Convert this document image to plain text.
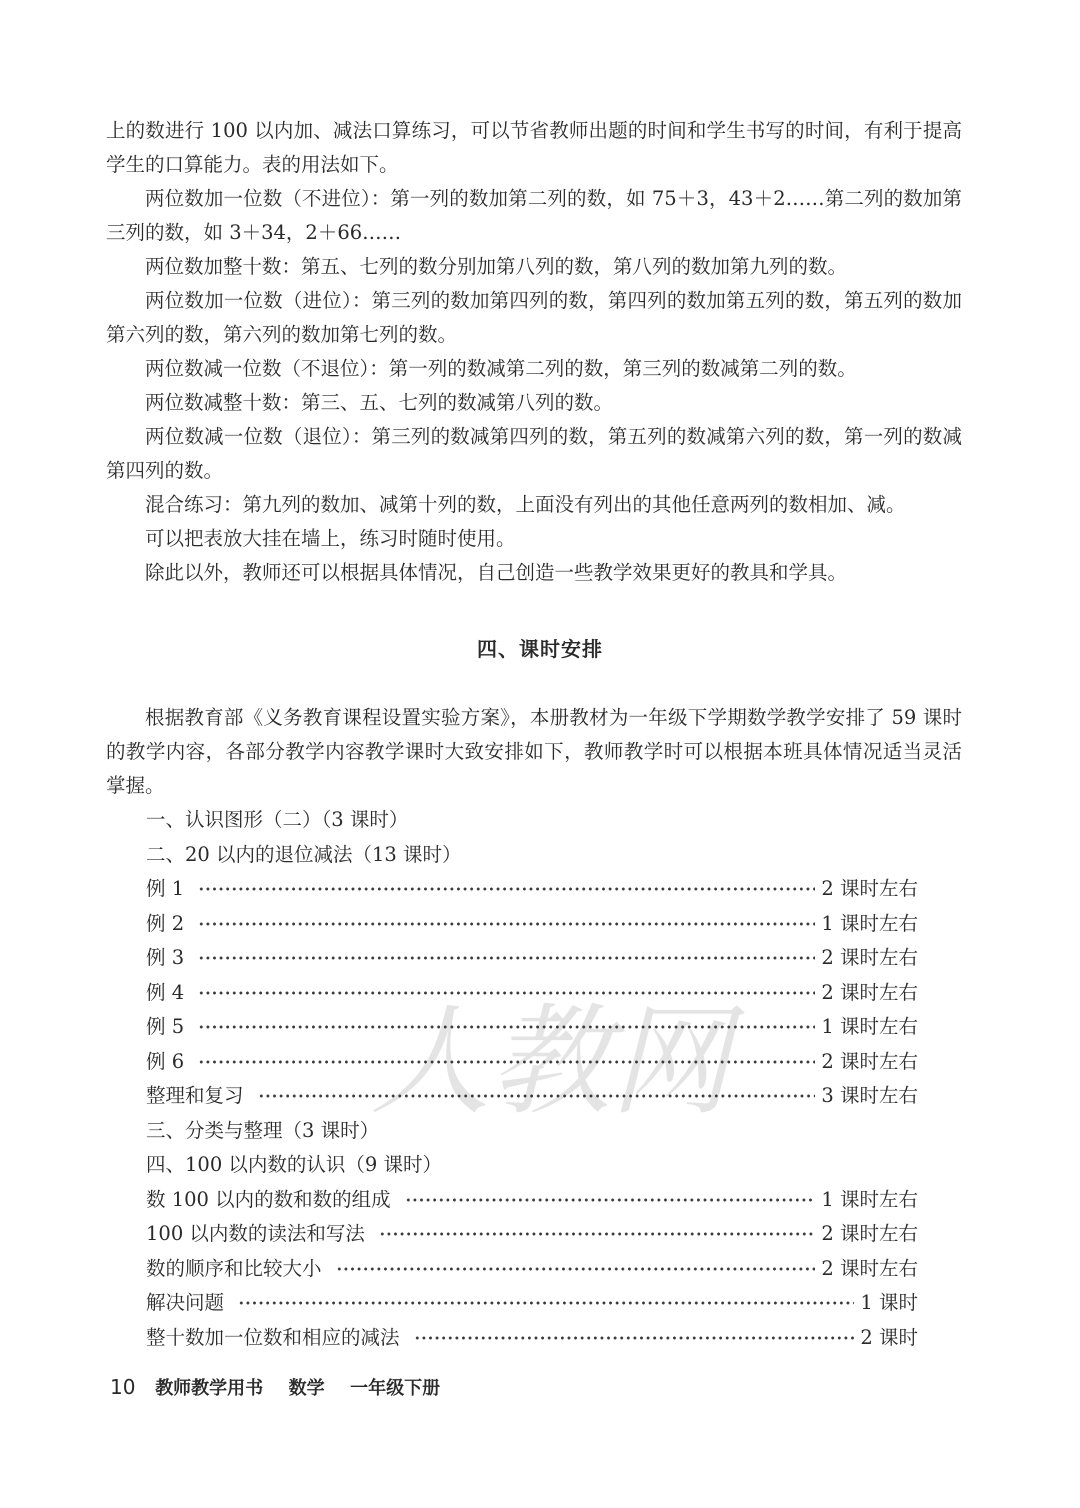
人教网

上的数进行 100 以内加、减法口算练习，可以节省教师出题的时间和学生书写的时间，有利于提高学生的口算能力。表的用法如下。

两位数加一位数（不进位）：第一列的数加第二列的数，如 75＋3，43＋2……第二列的数加第三列的数，如 3＋34，2＋66……

两位数加整十数：第五、七列的数分别加第八列的数，第八列的数加第九列的数。

两位数加一位数（进位）：第三列的数加第四列的数，第四列的数加第五列的数，第五列的数加第六列的数，第六列的数加第七列的数。

两位数减一位数（不退位）：第一列的数减第二列的数，第三列的数减第二列的数。

两位数减整十数：第三、五、七列的数减第八列的数。

两位数减一位数（退位）：第三列的数减第四列的数，第五列的数减第六列的数，第一列的数减第四列的数。

混合练习：第九列的数加、减第十列的数，上面没有列出的其他任意两列的数相加、减。

可以把表放大挂在墙上，练习时随时使用。

除此以外，教师还可以根据具体情况，自己创造一些教学效果更好的教具和学具。

四、课时安排

根据教育部《义务教育课程设置实验方案》，本册教材为一年级下学期数学教学安排了 59 课时的教学内容，各部分教学内容教学课时大致安排如下，教师教学时可以根据本班具体情况适当灵活掌握。

一、认识图形（二）（3 课时）
二、20 以内的退位减法（13 课时）
例 1	2 课时左右
例 2	1 课时左右
例 3	2 课时左右
例 4	2 课时左右
例 5	1 课时左右
例 6	2 课时左右
整理和复习	3 课时左右
三、分类与整理（3 课时）
四、100 以内数的认识（9 课时）
数 100 以内的数和数的组成	1 课时左右
100 以内数的读法和写法	2 课时左右
数的顺序和比较大小	2 课时左右
解决问题	1 课时
整十数加一位数和相应的减法	2 课时
10 教师教学用书 数学 一年级下册
